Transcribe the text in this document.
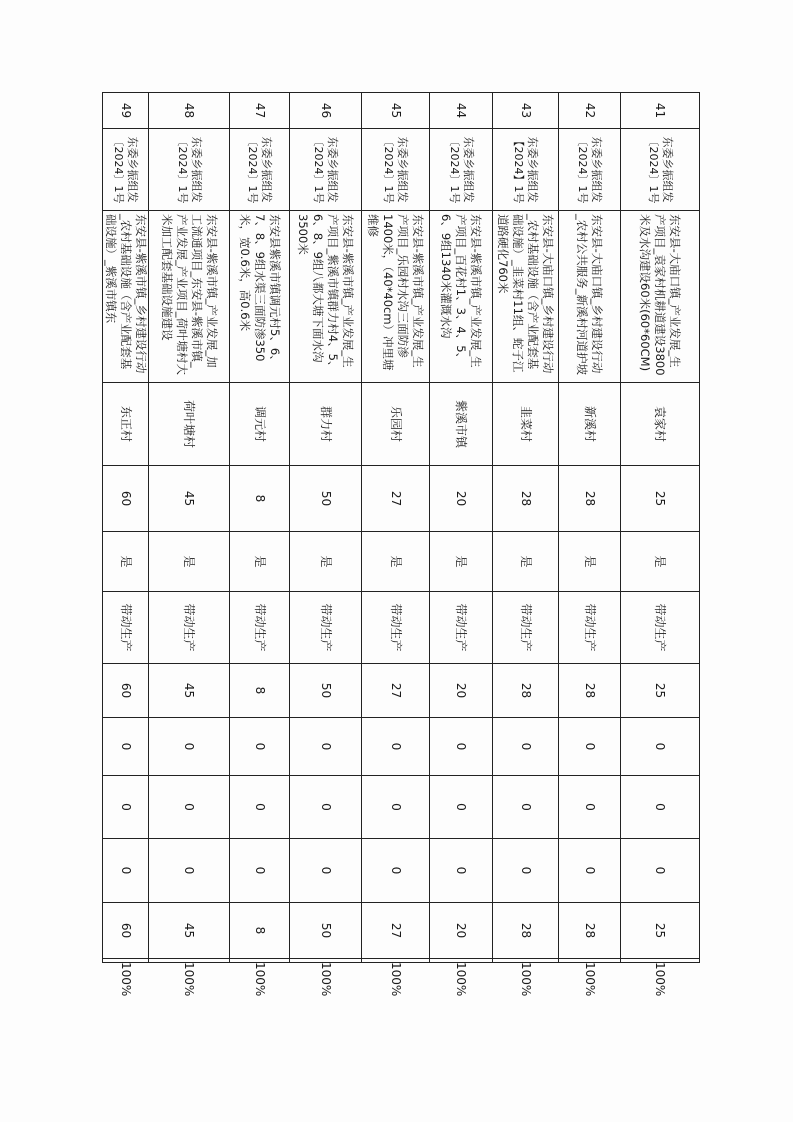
41	东委乡振组发〔2024〕1号	东安县-大庙口镇_产业发展_生产项目_袁家村机耕道建设3800米及水沟建设60米(60*60CM)	袁家村	25	是	带动生产	25	0	0	0	25	100%
42	东委乡振组发〔2024〕1号	东安县-大庙口镇_乡村建设行动_农村公共服务_新溪村河道护坡	新溪村	28	是	带动生产	28	0	0	0	28	100%
43	东委乡振组发【2024】1号	东安县-大庙口镇_乡村建设行动_农村基础设施（含产业配套基础设施）_韭菜村11组、蛇子江道路硬化760米	韭菜村	28	是	带动生产	28	0	0	0	28	100%
44	东委乡振组发〔2024〕1号	东安县-紫溪市镇_产业发展_生产项目_百花村1、3、4、5、6、9组1340米灌溉水沟	紫溪市镇	20	是	带动生产	20	0	0	0	20	100%
45	东委乡振组发〔2024〕1号	东安县-紫溪市镇_产业发展_生产项目_乐园村水沟三面防渗1400米，（40*40cm）冲里塘维修	乐园村	27	是	带动生产	27	0	0	0	27	100%
46	东委乡振组发〔2024〕1号	东安县-紫溪市镇_产业发展_生产项目_紫溪市镇群力村4、5、6、8、9组八都大塘下面水沟3500米	群力村	50	是	带动生产	50	0	0	0	50	100%
47	东委乡振组发〔2024〕1号	东安县紫溪市镇调元村5、6、7、8、9组水渠三面防渗350米，宽0.6米，高0.6米	调元村	8	是	带动生产	8	0	0	0	8	100%
48	东委乡振组发〔2024〕1号	东安县-紫溪市镇_产业发展_加工流通项目_东安县-紫溪市镇_产业发展_产业项目_荷叶塘村大米加工配套基础设施建设	荷叶塘村	45	是	带动生产	45	0	0	0	45	100%
49	东委乡振组发〔2024〕1号	东安县-紫溪市镇_乡村建设行动_农村基础设施（含产业配套基础设施）_紫溪市镇东	东正村	60	是	带动生产	60	0	0	0	60	100%
